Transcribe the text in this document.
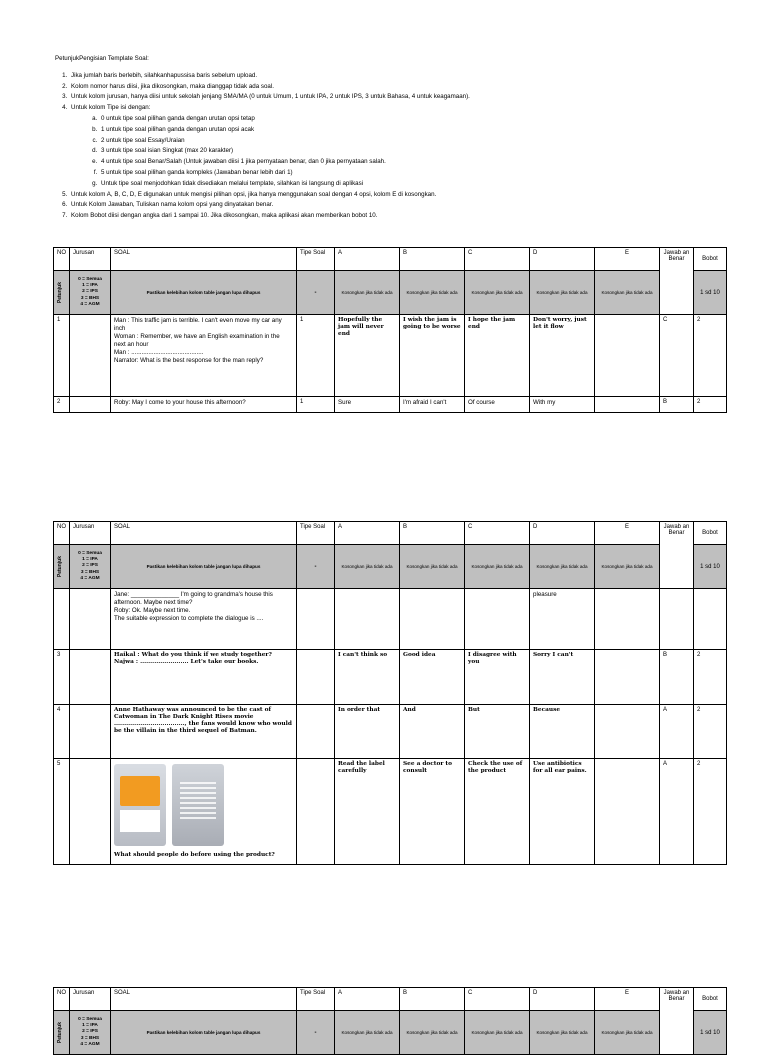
PetunjukPengisian Template Soal:
1. Jika jumlah baris berlebih, silahkanhapussisa baris sebelum upload.
2. Kolom nomor harus diisi, jika dikosongkan, maka dianggap tidak ada soal.
3. Untuk kolom jurusan, hanya diisi untuk sekolah jenjang SMA/MA (0 untuk Umum, 1 untuk IPA, 2 untuk IPS, 3 untuk Bahasa, 4 untuk keagamaan).
4. Untuk kolom Tipe isi dengan:
a. 0 untuk tipe soal pilihan ganda dengan urutan opsi tetap
b. 1 untuk tipe soal pilihan ganda dengan urutan opsi acak
c. 2 untuk tipe soal Essay/Uraian
d. 3 untuk tipe soal isian Singkat (max 20 karakter)
e. 4 untuk tipe soal Benar/Salah (Untuk jawaban diisi 1 jika pernyataan benar, dan 0 jika pernyataan salah.
f. 5 untuk tipe soal pilihan ganda kompleks (Jawaban benar lebih dari 1)
g. Untuk tipe soal menjodohkan tidak disediakan melalui template, silahkan isi langsung di aplikasi
5. Untuk kolom A, B, C, D, E digunakan untuk mengisi pilihan opsi, jika hanya menggunakan soal dengan 4 opsi, kolom E di kosongkan.
6. Untuk Kolom Jawaban, Tuliskan nama kolom opsi yang dinyatakan benar.
7. Kolom Bobot diisi dengan angka dari 1 sampai 10. Jika dikosongkan, maka aplikasi akan memberikan bobot 10.
NO	Jurusan	SOAL	Tipe Soal	A	B	C	D	E	Jawab an Benar	Bobot

Petunjuk	0 = Semua
1 = IPA
2 = IPS
3 = BHS
4 = AGM	Pastikan kelebihan kolom table jangan lupa dihapus	-	Kosongkan jika tidak ada	Kosongkan jika tidak ada	Kosongkan jika tidak ada	Kosongkan jika tidak ada	Kosongkan jika tidak ada		1 sd 10
1		Man : This traffic jam is terrible. I can't even move my car any inch
Woman : Remember, we have an English examination in the next an hour
Man : ..........................................
Narrator: What is the best response for the man reply?	1	Hopefully the jam will never end	I wish the jam is going to be worse	I hope the jam end	Don't worry, just let it flow		C	2
2		Roby: May I come to your house this afternoon?	1	Sure	I'm afraid I can't	Of course	With my		B	2
NO	Jurusan	SOAL	Tipe Soal	A	B	C	D	E	Jawab an Benar	Bobot

Petunjuk	0 = Semua
1 = IPA
2 = IPS
3 = BHS
4 = AGM	Pastikan kelebihan kolom table jangan lupa dihapus	-	Kosongkan jika tidak ada	Kosongkan jika tidak ada	Kosongkan jika tidak ada	Kosongkan jika tidak ada	Kosongkan jika tidak ada		1 sd 10

		Jane: ______________ I'm going to grandma's house this afternoon. Maybe next time?
Roby: Ok. Maybe next time.
The suitable expression to complete the dialogue is ....					pleasure			
3		Haikal : What do you think if we study together?
Najwa : ........................ Let's take our books.		I can't think so	Good idea	I disagree with you	Sorry I can't		B	2
4		Anne Hathaway was announced to be the cast of Catwoman in The Dark Knight Rises movie ..................................., the fans would know who would be the villain in the third sequel of Batman.		In order that	And	But	Because		A	2
5		What should people do before using the product?		Read the label carefully	See a doctor to consult	Check the use of the product	Use antibiotics for all ear pains.		A	2
NO	Jurusan	SOAL	Tipe Soal	A	B	C	D	E	Jawab an Benar	Bobot

Petunjuk	0 = Semua
1 = IPA
2 = IPS
3 = BHS
4 = AGM	Pastikan kelebihan kolom table jangan lupa dihapus	-	Kosongkan jika tidak ada	Kosongkan jika tidak ada	Kosongkan jika tidak ada	Kosongkan jika tidak ada	Kosongkan jika tidak ada		1 sd 10
